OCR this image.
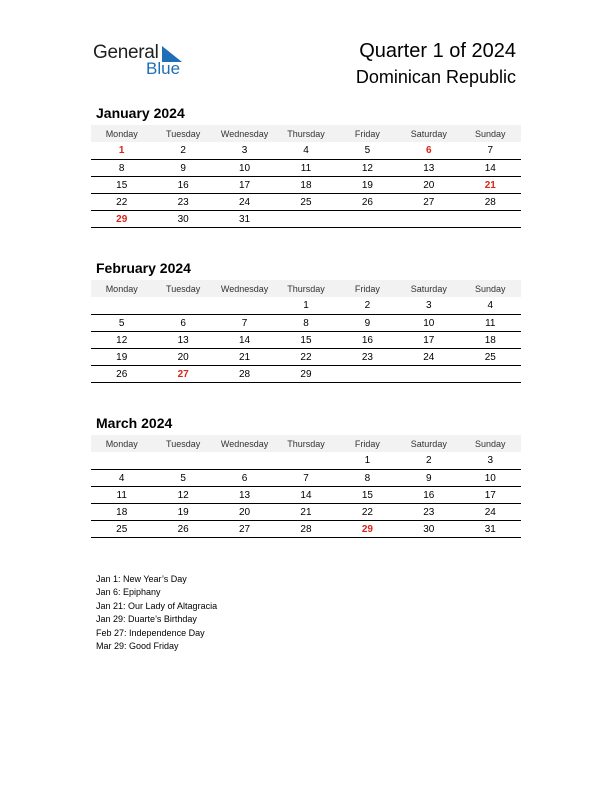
General
Blue
Quarter 1 of 2024
Dominican Republic
January 2024
Monday	Tuesday	Wednesday	Thursday	Friday	Saturday	Sunday
1	2	3	4	5	6	7
8	9	10	11	12	13	14
15	16	17	18	19	20	21
22	23	24	25	26	27	28
29	30	31				
February 2024
Monday	Tuesday	Wednesday	Thursday	Friday	Saturday	Sunday
			1	2	3	4
5	6	7	8	9	10	11
12	13	14	15	16	17	18
19	20	21	22	23	24	25
26	27	28	29			
March 2024
Monday	Tuesday	Wednesday	Thursday	Friday	Saturday	Sunday
				1	2	3
4	5	6	7	8	9	10
11	12	13	14	15	16	17
18	19	20	21	22	23	24
25	26	27	28	29	30	31
Jan 1: New Year’s Day
Jan 6: Epiphany
Jan 21: Our Lady of Altagracia
Jan 29: Duarte’s Birthday
Feb 27: Independence Day
Mar 29: Good Friday
